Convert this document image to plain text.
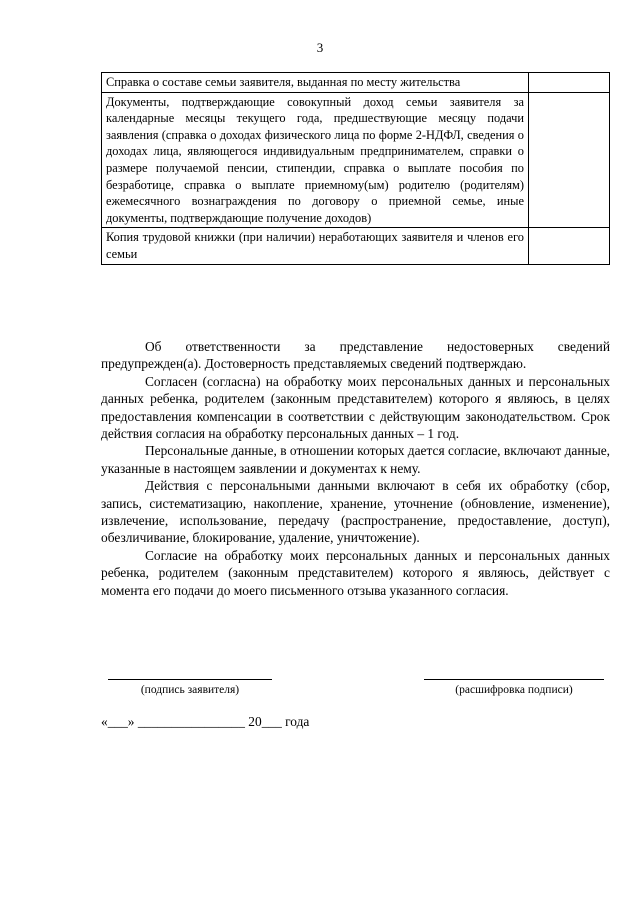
3
Справка о составе семьи заявителя, выданная по месту жительства	
Документы, подтверждающие совокупный доход семьи заявителя за календарные месяцы текущего года, предшествующие месяцу подачи заявления (справка о доходах физического лица по форме 2-НДФЛ, сведения о доходах лица, являющегося индивидуальным предпринимателем, справки о размере получаемой пенсии, стипендии, справка о выплате пособия по безработице, справка о выплате приемному(ым) родителю (родителям) ежемесячного вознаграждения по договору о приемной семье, иные документы, подтверждающие получение доходов)	
Копия трудовой книжки (при наличии) неработающих заявителя и членов его семьи	

Об ответственности за представление недостоверных сведений предупрежден(а). Достоверность представляемых сведений подтверждаю.

Согласен (согласна) на обработку моих персональных данных и персональных данных ребенка, родителем (законным представителем) которого я являюсь, в целях предоставления компенсации в соответствии с действующим законодательством. Срок действия согласия на обработку персональных данных – 1 год.

Персональные данные, в отношении которых дается согласие, включают данные, указанные в настоящем заявлении и документах к нему.

Действия с персональными данными включают в себя их обработку (сбор, запись, систематизацию, накопление, хранение, уточнение (обновление, изменение), извлечение, использование, передачу (распространение, предоставление, доступ), обезличивание, блокирование, удаление, уничтожение).

Согласие на обработку моих персональных данных и персональных данных ребенка, родителем (законным представителем) которого я являюсь, действует с момента его подачи до моего письменного отзыва указанного согласия.

(подпись заявителя)	(расшифровка подписи)
«___» ________________ 20___ года
